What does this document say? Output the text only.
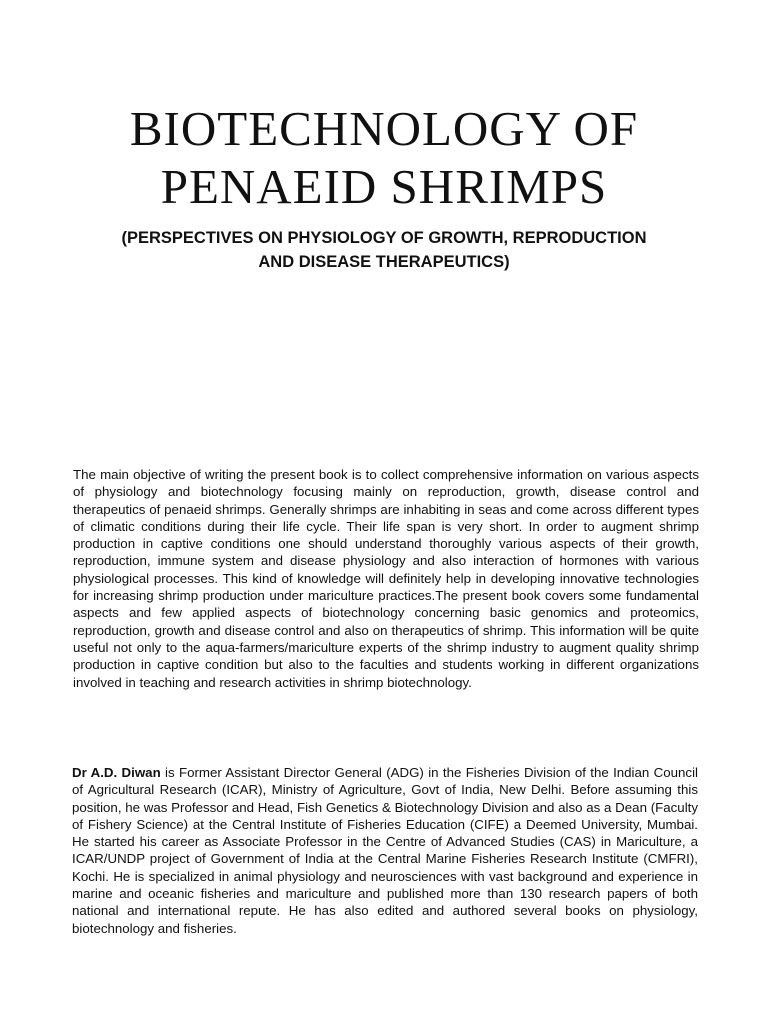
BIOTECHNOLOGY OF
PENAEID SHRIMPS
(PERSPECTIVES ON PHYSIOLOGY OF GROWTH, REPRODUCTION
AND DISEASE THERAPEUTICS)

The main objective of writing the present book is to collect comprehensive information on various aspects of physiology and biotechnology focusing mainly on reproduction, growth, disease control and therapeutics of penaeid shrimps. Generally shrimps are inhabiting in seas and come across different types of climatic conditions during their life cycle. Their life span is very short. In order to augment shrimp production in captive conditions one should understand thoroughly various aspects of their growth, reproduction, immune system and disease physiology and also interaction of hormones with various physiological processes. This kind of knowledge will definitely help in developing innovative technologies for increasing shrimp production under mariculture practices.The present book covers some fundamental aspects and few applied aspects of biotechnology concerning basic genomics and proteomics, reproduction, growth and disease control and also on therapeutics of shrimp. This information will be quite useful not only to the aqua-farmers/mariculture experts of the shrimp industry to augment quality shrimp production in captive condition but also to the faculties and students working in different organizations involved in teaching and research activities in shrimp biotechnology.

Dr A.D. Diwan is Former Assistant Director General (ADG) in the Fisheries Division of the Indian Council of Agricultural Research (ICAR), Ministry of Agriculture, Govt of India, New Delhi. Before assuming this position, he was Professor and Head, Fish Genetics & Biotechnology Division and also as a Dean (Faculty of Fishery Science) at the Central Institute of Fisheries Education (CIFE) a Deemed University, Mumbai. He started his career as Associate Professor in the Centre of Advanced Studies (CAS) in Mariculture, a ICAR/UNDP project of Government of India at the Central Marine Fisheries Research Institute (CMFRI), Kochi. He is specialized in animal physiology and neurosciences with vast background and experience in marine and oceanic fisheries and mariculture and published more than 130 research papers of both national and international repute. He has also edited and authored several books on physiology, biotechnology and fisheries.
